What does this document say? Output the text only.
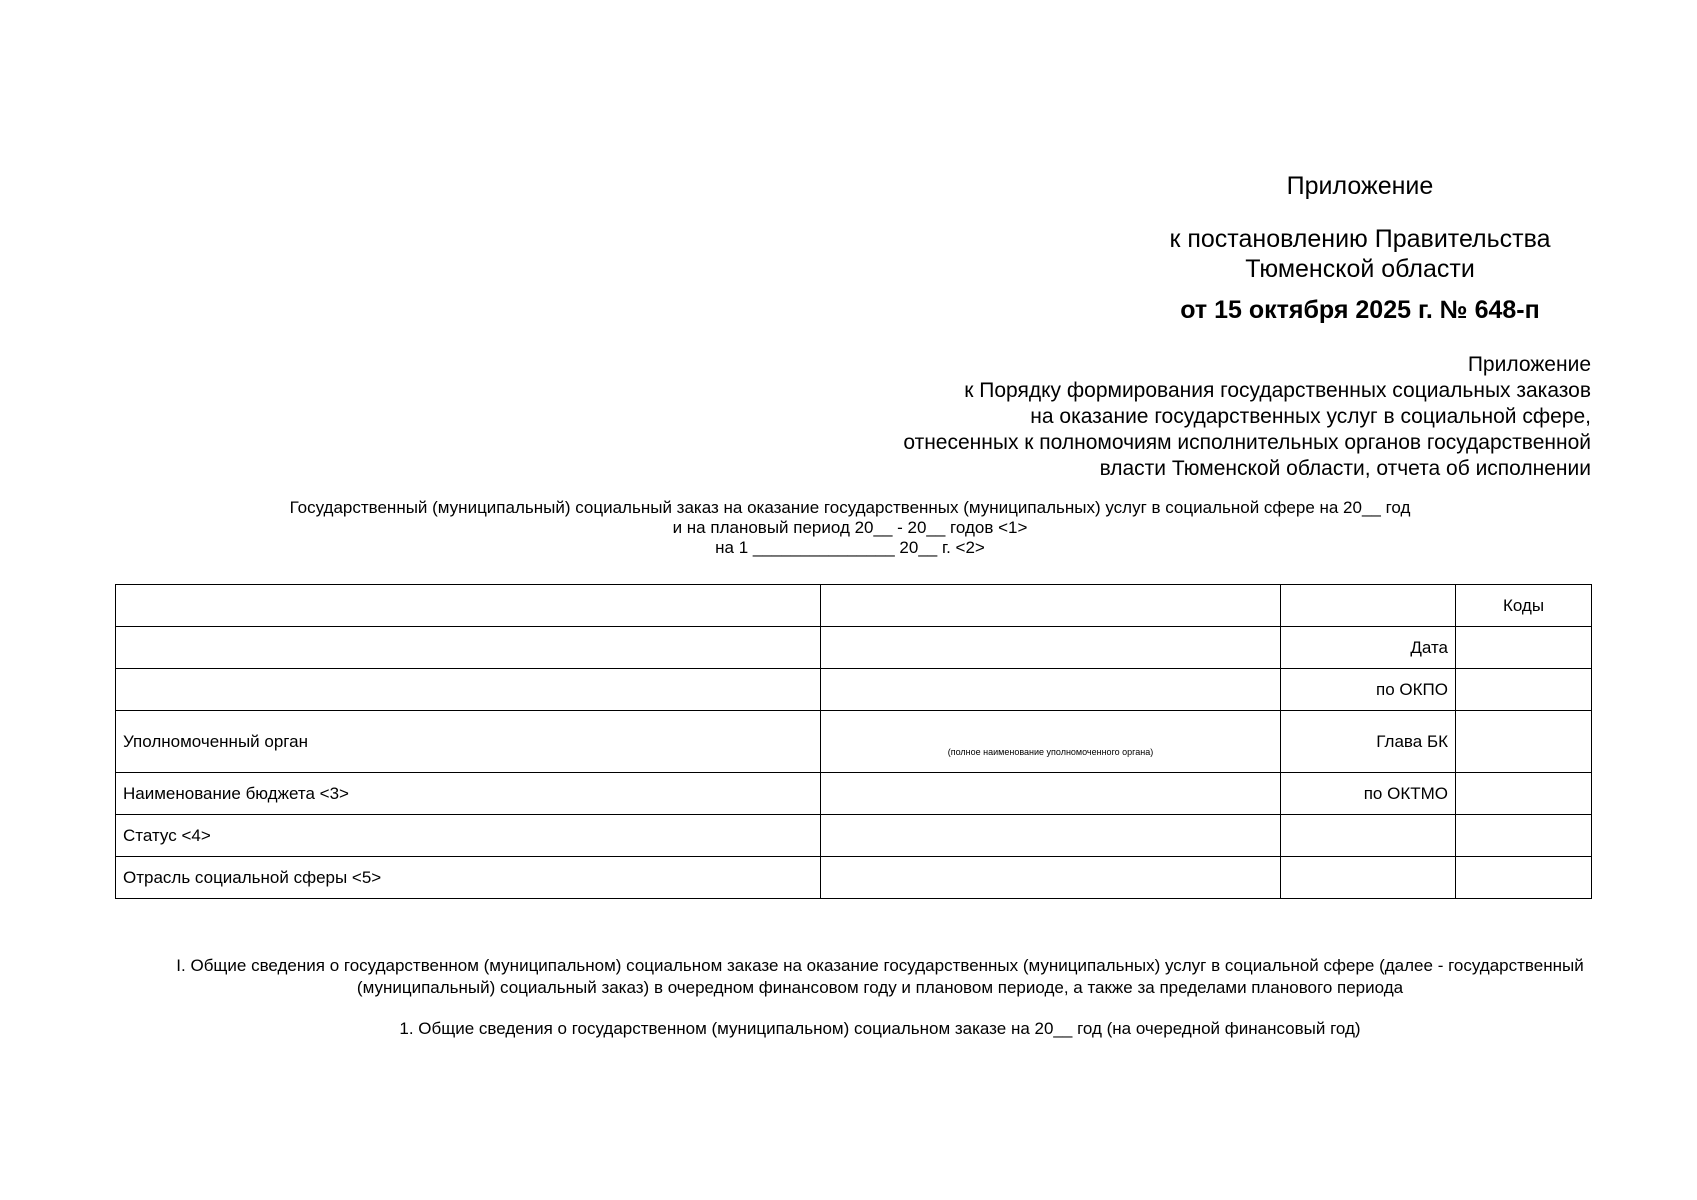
Приложение
к постановлению Правительства
Тюменской области
от 15 октября 2025 г. № 648-п
Приложение
к Порядку формирования государственных социальных заказов
на оказание государственных услуг в социальной сфере,
отнесенных к полномочиям исполнительных органов государственной
власти Тюменской области, отчета об исполнении
Государственный (муниципальный) социальный заказ на оказание государственных (муниципальных) услуг в социальной сфере на 20__ год
и на плановый период 20__ - 20__ годов <1>
на 1 _______________ 20__ г. <2>
			Коды
		Дата	
		по ОКПО	
Уполномоченный орган	(полное наименование уполномоченного органа)	Глава БК	
Наименование бюджета <3>		по ОКТМО	
Статус <4>			
Отрасль социальной сферы <5>			
I. Общие сведения о государственном (муниципальном) социальном заказе на оказание государственных (муниципальных) услуг в социальной сфере (далее - государственный
(муниципальный) социальный заказ) в очередном финансовом году и плановом периоде, а также за пределами планового периода
1. Общие сведения о государственном (муниципальном) социальном заказе на 20__ год (на очередной финансовый год)
